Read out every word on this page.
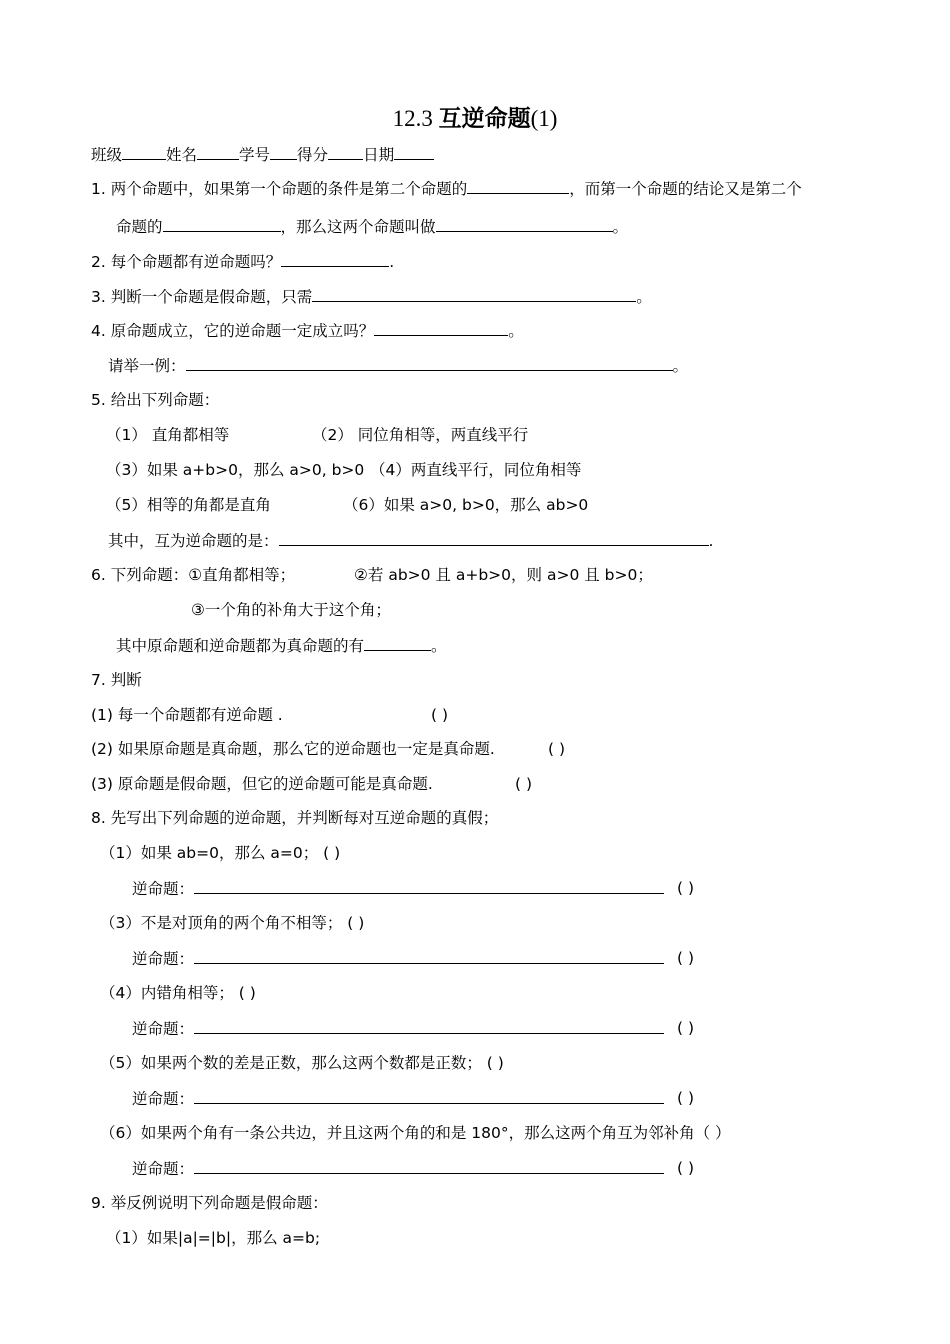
12.3 互逆命题(1)
班级	姓名	学号 得分 日期
1. 两个命题中，如果第一个命题的条件是第二个命题的	，而第一个命题的结论又是第二个
命题的	，那么这两个命题叫做	。
2. 每个命题都有逆命题吗？	.
3. 判断一个命题是假命题，只需	。
4. 原命题成立，它的逆命题一定成立吗？	。
请举一例：	。
5. 给出下列命题：
（1） 直角都相等	（2） 同位角相等，两直线平行
（3）如果 a+b>0，那么 a>0, b>0 （4）两直线平行，同位角相等
（5）相等的角都是直角	（6）如果 a>0, b>0，那么 ab>0
其中，互为逆命题的是：	.
6. 下列命题：①直角都相等；	②若 ab>0 且 a+b>0，则 a>0 且 b>0；
③一个角的补角大于这个角；
其中原命题和逆命题都为真命题的有	。
7. 判断
(1) 每一个命题都有逆命题 .	( )
(2) 如果原命题是真命题，那么它的逆命题也一定是真命题.	( )
(3) 原命题是假命题，但它的逆命题可能是真命题.	( )
8. 先写出下列命题的逆命题，并判断每对互逆命题的真假；
（1）如果 ab=0，那么 a=0； ( )
逆命题：	( )
（3）不是对顶角的两个角不相等； ( )
逆命题：	( )
（4）内错角相等； ( )
逆命题：	( )
（5）如果两个数的差是正数，那么这两个数都是正数； ( )
逆命题：	( )
（6）如果两个角有一条公共边，并且这两个角的和是 180°，那么这两个角互为邻补角（ ）
逆命题：	( )
9. 举反例说明下列命题是假命题：
（1）如果|a|=|b|，那么 a=b;
